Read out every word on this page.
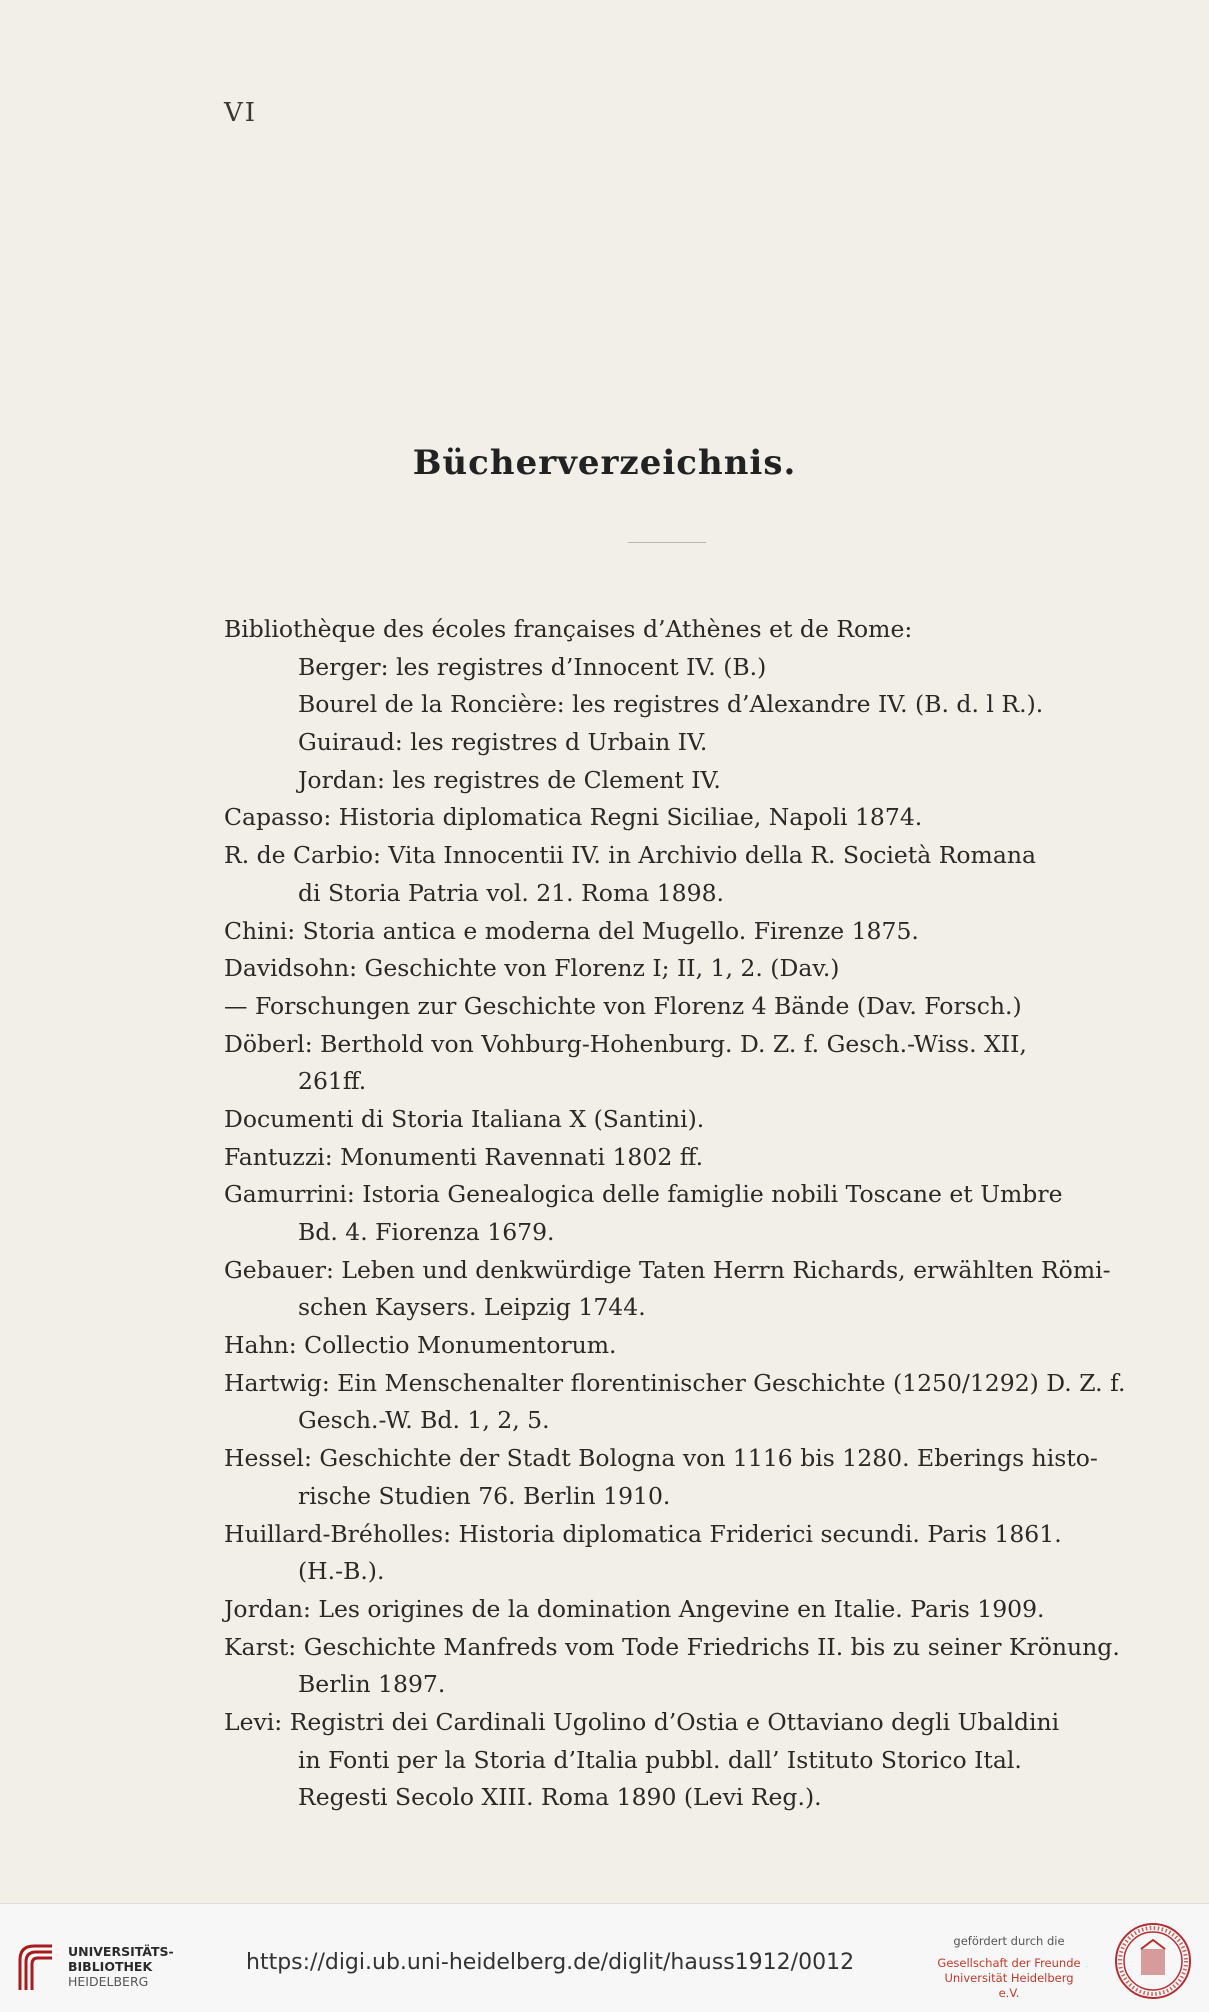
VI
Bücherverzeichnis.
Bibliothèque des écoles françaises d’Athènes et de Rome:
Berger: les registres d’Innocent IV. (B.)
Bourel de la Roncière: les registres d’Alexandre IV. (B. d. l R.).
Guiraud: les registres d Urbain IV.
Jordan: les registres de Clement IV.
Capasso: Historia diplomatica Regni Siciliae, Napoli 1874.
R. de Carbio: Vita Innocentii IV. in Archivio della R. Società Romana
di Storia Patria vol. 21. Roma 1898.
Chini: Storia antica e moderna del Mugello. Firenze 1875.
Davidsohn: Geschichte von Florenz I; II, 1, 2. (Dav.)
— Forschungen zur Geschichte von Florenz 4 Bände (Dav. Forsch.)
Döberl: Berthold von Vohburg-Hohenburg. D. Z. f. Gesch.-Wiss. XII,
261ff.
Documenti di Storia Italiana X (Santini).
Fantuzzi: Monumenti Ravennati 1802 ff.
Gamurrini: Istoria Genealogica delle famiglie nobili Toscane et Umbre
Bd. 4. Fiorenza 1679.
Gebauer: Leben und denkwürdige Taten Herrn Richards, erwählten Römi-
schen Kaysers. Leipzig 1744.
Hahn: Collectio Monumentorum.
Hartwig: Ein Menschenalter florentinischer Geschichte (1250/1292) D. Z. f.
Gesch.-W. Bd. 1, 2, 5.
Hessel: Geschichte der Stadt Bologna von 1116 bis 1280. Eberings histo-
rische Studien 76. Berlin 1910.
Huillard-Bréholles: Historia diplomatica Friderici secundi. Paris 1861.
(H.-B.).
Jordan: Les origines de la domination Angevine en Italie. Paris 1909.
Karst: Geschichte Manfreds vom Tode Friedrichs II. bis zu seiner Krönung.
Berlin 1897.
Levi: Registri dei Cardinali Ugolino d’Ostia e Ottaviano degli Ubaldini
in Fonti per la Storia d’Italia pubbl. dall’ Istituto Storico Ital.
Regesti Secolo XIII. Roma 1890 (Levi Reg.).
UNIVERSITÄTS-
BIBLIOTHEK
HEIDELBERG
https://digi.ub.uni-heidelberg.de/diglit/hauss1912/0012
gefördert durch die
Gesellschaft der Freunde
Universität Heidelberg e.V.
